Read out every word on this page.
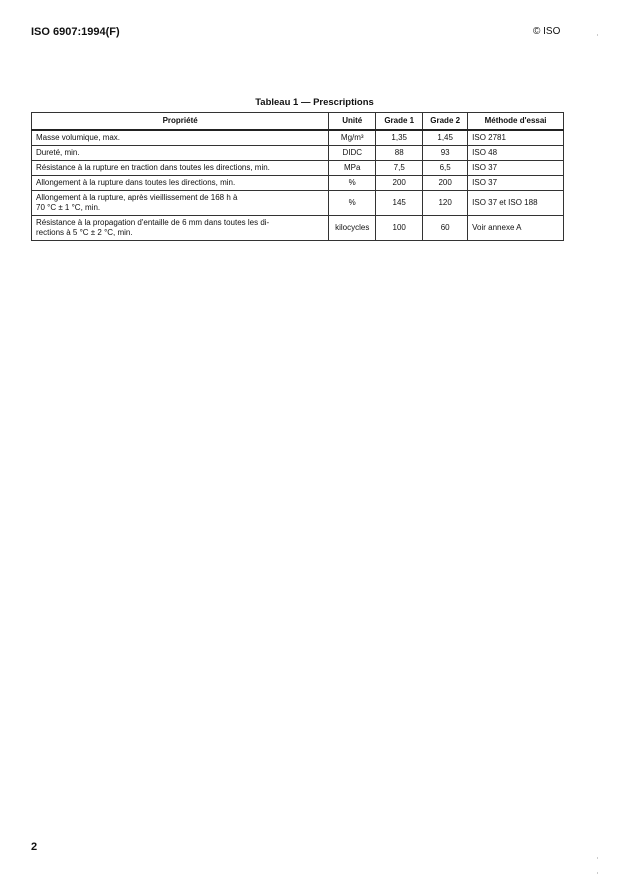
ISO 6907:1994(F)	© ISO
Tableau 1 — Prescriptions
Propriété	Unité	Grade 1	Grade 2	Méthode d'essai
Masse volumique, max.	Mg/m³	1,35	1,45	ISO 2781
Dureté, min.	DIDC	88	93	ISO 48
Résistance à la rupture en traction dans toutes les directions, min.	MPa	7,5	6,5	ISO 37
Allongement à la rupture dans toutes les directions, min.	%	200	200	ISO 37

Allongement à la rupture, après vieillissement de 168 h à
70 °C ± 1 °C, min.	%	145	120	ISO 37 et ISO 188

Résistance à la propagation d'entaille de 6 mm dans toutes les di-
rections à 5 °C ± 2 °C, min.	kilocycles	100	60	Voir annexe A
2
